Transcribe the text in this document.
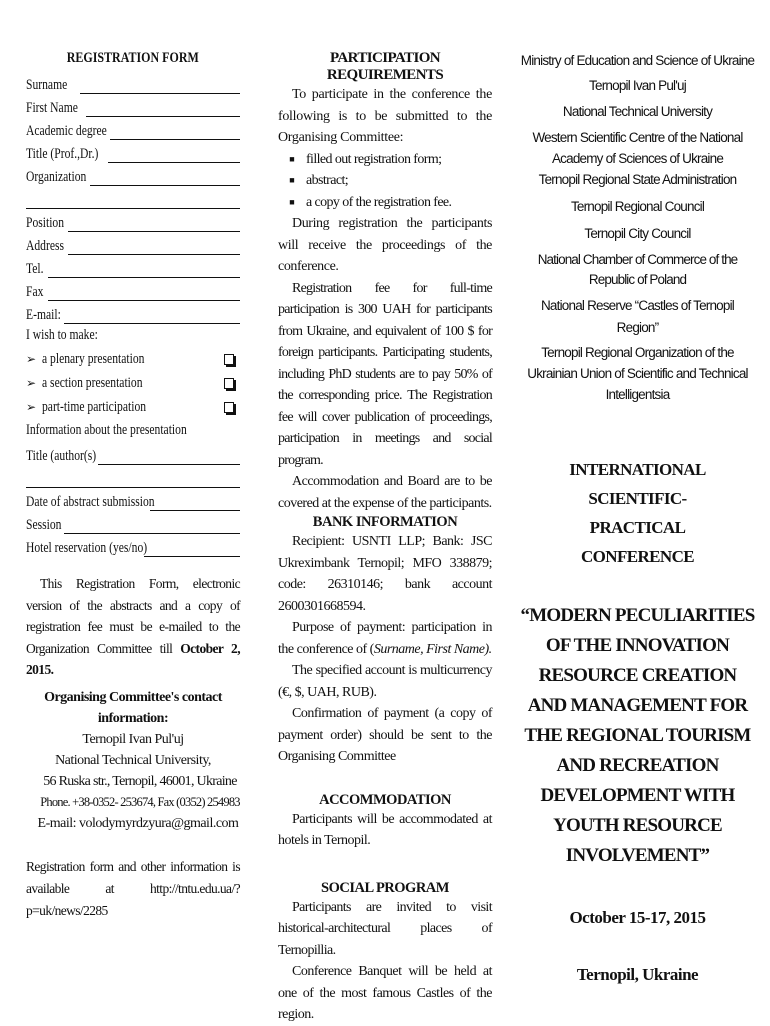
REGISTRATION FORM
Surname
First Name
Academic degree
Title (Prof.,Dr.)
Organization
Position
Address
Tel.
Fax
E-mail:
I wish to make:
➢ a plenary presentation
➢ a section presentation
➢ part-time participation
Information about the presentation
Title (author(s)
Date of abstract submission
Session
Hotel reservation (yes/no)
This Registration Form, electronic version of the abstracts and a copy of registration fee must be e-mailed to the Organization Committee till October 2, 2015.
Organising Committee's contact information:
Ternopil Ivan Pul'uj
National Technical University,
56 Ruska str., Ternopil, 46001, Ukraine
Phone. +38-0352- 253674, Fax (0352) 254983
E-mail: volodymyrdzyura@gmail.com
Registration form and other information is available at http://tntu.edu.ua/?p=uk/news/2285
PARTICIPATION REQUIREMENTS
To participate in the conference the following is to be submitted to the Organising Committee:
■ filled out registration form;
■ abstract;
■ a copy of the registration fee.
During registration the participants will receive the proceedings of the conference.
Registration fee for full-time participation is 300 UAH for participants from Ukraine, and equivalent of 100 $ for foreign participants. Participating students, including PhD students are to pay 50% of the corresponding price. The Registration fee will cover publication of proceedings, participation in meetings and social program.
Accommodation and Board are to be covered at the expense of the participants.
BANK INFORMATION
Recipient: USNTI LLP; Bank: JSC Ukreximbank Ternopil; MFO 338879; code: 26310146; bank account 2600301668594.
Purpose of payment: participation in the conference of (Surname, First Name).
The specified account is multicurrency (€, $, UAH, RUB).
Confirmation of payment (a copy of payment order) should be sent to the Organising Committee
ACCOMMODATION
Participants will be accommodated at hotels in Ternopil.
SOCIAL PROGRAM
Participants are invited to visit historical-architectural places of Ternopillia.
Conference Banquet will be held at one of the most famous Castles of the region.
Ministry of Education and Science of Ukraine
Ternopil Ivan Pul'uj
National Technical University
Western Scientific Centre of the National Academy of Sciences of Ukraine
Ternopil Regional State Administration
Ternopil Regional Council
Ternopil City Council
National Chamber of Commerce of the Republic of Poland
National Reserve “Castles of Ternopil Region”
Ternopil Regional Organization of the Ukrainian Union of Scientific and Technical Intelligentsia
INTERNATIONAL SCIENTIFIC-PRACTICAL CONFERENCE
“MODERN PECULIARITIES OF THE INNOVATION RESOURCE CREATION AND MANAGEMENT FOR THE REGIONAL TOURISM AND RECREATION DEVELOPMENT WITH YOUTH RESOURCE INVOLVEMENT”
October 15-17, 2015
Ternopil, Ukraine
